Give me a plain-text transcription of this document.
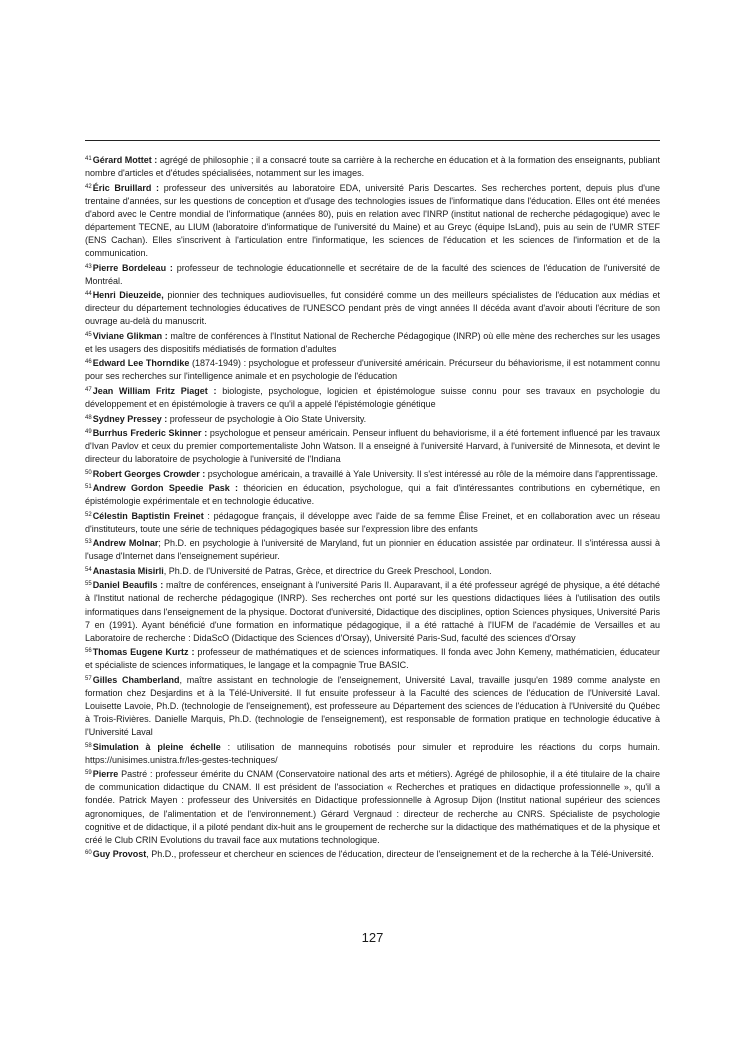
$^{41}$Gérard Mottet : agrégé de philosophie ; il a consacré toute sa carrière à la recherche en éducation et à la formation des enseignants, publiant nombre d'articles et d'études spécialisées, notamment sur les images.

$^{42}$Éric Bruillard : professeur des universités au laboratoire EDA, université Paris Descartes. Ses recherches portent, depuis plus d'une trentaine d'années, sur les questions de conception et d'usage des technologies issues de l'informatique dans l'éducation. Elles ont été menées d'abord avec le Centre mondial de l'informatique (années 80), puis en relation avec l'INRP (institut national de recherche pédagogique) avec le département TECNE, au LIUM (laboratoire d'informatique de l'université du Maine) et au Greyc (équipe IsLand), puis au sein de l'UMR STEF (ENS Cachan). Elles s'inscrivent à l'articulation entre l'informatique, les sciences de l'éducation et les sciences de l'information et de la communication.

$^{43}$Pierre Bordeleau : professeur de technologie éducationnelle et secrétaire de de la faculté des sciences de l'éducation de l'université de Montréal.

$^{44}$Henri Dieuzeide, pionnier des techniques audiovisuelles, fut considéré comme un des meilleurs spécialistes de l'éducation aux médias et directeur du département technologies éducatives de l'UNESCO pendant près de vingt années Il décéda avant d'avoir abouti l'écriture de son ouvrage au-delà du manuscrit.

$^{45}$Viviane Glikman : maître de conférences à l'Institut National de Recherche Pédagogique (INRP) où elle mène des recherches sur les usages et les usagers des dispositifs médiatisés de formation d'adultes

$^{46}$Edward Lee Thorndike (1874-1949) : psychologue et professeur d'université américain. Précurseur du béhaviorisme, il est notamment connu pour ses recherches sur l'intelligence animale et en psychologie de l'éducation

$^{47}$Jean William Fritz Piaget : biologiste, psychologue, logicien et épistémologue suisse connu pour ses travaux en psychologie du développement et en épistémologie à travers ce qu'il a appelé l'épistémologie génétique

$^{48}$Sydney Pressey : professeur de psychologie à Oio State University.

$^{49}$Burrhus Frederic Skinner : psychologue et penseur américain. Penseur influent du behaviorisme, il a été fortement influencé par les travaux d'Ivan Pavlov et ceux du premier comportementaliste John Watson. Il a enseigné à l'université Harvard, à l'université de Minnesota, et devint le directeur du laboratoire de psychologie à l'université de l'Indiana

$^{50}$Robert Georges Crowder : psychologue américain, a travaillé à Yale University. Il s'est intéressé au rôle de la mémoire dans l'apprentissage.

$^{51}$Andrew Gordon Speedie Pask : théoricien en éducation, psychologue, qui a fait d'intéressantes contributions en cybernétique, en épistémologie expérimentale et en technologie éducative.

$^{52}$Célestin Baptistin Freinet : pédagogue français, il développe avec l'aide de sa femme Élise Freinet, et en collaboration avec un réseau d'instituteurs, toute une série de techniques pédagogiques basée sur l'expression libre des enfants

$^{53}$Andrew Molnar; Ph.D. en psychologie à l'université de Maryland, fut un pionnier en éducation assistée par ordinateur. Il s'intéressa aussi à l'usage d'Internet dans l'enseignement supérieur.

$^{54}$Anastasia Misirli, Ph.D. de l'Université de Patras, Grèce, et directrice du Greek Preschool, London.

$^{55}$Daniel Beaufils : maître de conférences, enseignant à l'université Paris II. Auparavant, il a été professeur agrégé de physique, a été détaché à l'Institut national de recherche pédagogique (INRP). Ses recherches ont porté sur les questions didactiques liées à l'utilisation des outils informatiques dans l'enseignement de la physique. Doctorat d'université, Didactique des disciplines, option Sciences physiques, Université Paris 7 en (1991). Ayant bénéficié d'une formation en informatique pédagogique, il a été rattaché à l'IUFM de l'académie de Versailles et au Laboratoire de recherche : DidaScO (Didactique des Sciences d'Orsay), Université Paris-Sud, faculté des sciences d'Orsay

$^{56}$Thomas Eugene Kurtz : professeur de mathématiques et de sciences informatiques. Il fonda avec John Kemeny, mathématicien, éducateur et spécialiste de sciences informatiques, le langage et la compagnie True BASIC.

$^{57}$Gilles Chamberland, maître assistant en technologie de l'enseignement, Université Laval, travaille jusqu'en 1989 comme analyste en formation chez Desjardins et à la Télé-Université. Il fut ensuite professeur à la Faculté des sciences de l'éducation de l'Université Laval. Louisette Lavoie, Ph.D. (technologie de l'enseignement), est professeure au Département des sciences de l'éducation à l'Université du Québec à Trois-Rivières. Danielle Marquis, Ph.D. (technologie de l'enseignement), est responsable de formation pratique en technologie éducative à l'Université Laval

$^{58}$Simulation à pleine échelle : utilisation de mannequins robotisés pour simuler et reproduire les réactions du corps humain. https://unisimes.unistra.fr/les-gestes-techniques/

$^{59}$Pierre Pastré : professeur émérite du CNAM (Conservatoire national des arts et métiers). Agrégé de philosophie, il a été titulaire de la chaire de communication didactique du CNAM. Il est président de l'association « Recherches et pratiques en didactique professionnelle », qu'il a fondée. Patrick Mayen : professeur des Universités en Didactique professionnelle à Agrosup Dijon (Institut national supérieur des sciences agronomiques, de l'alimentation et de l'environnement.) Gérard Vergnaud : directeur de recherche au CNRS. Spécialiste de psychologie cognitive et de didactique, il a piloté pendant dix-huit ans le groupement de recherche sur la didactique des mathématiques et de la physique et créé le Club CRIN Evolutions du travail face aux mutations technologique.

$^{60}$Guy Provost, Ph.D., professeur et chercheur en sciences de l'éducation, directeur de l'enseignement et de la recherche à la Télé-Université.

127
